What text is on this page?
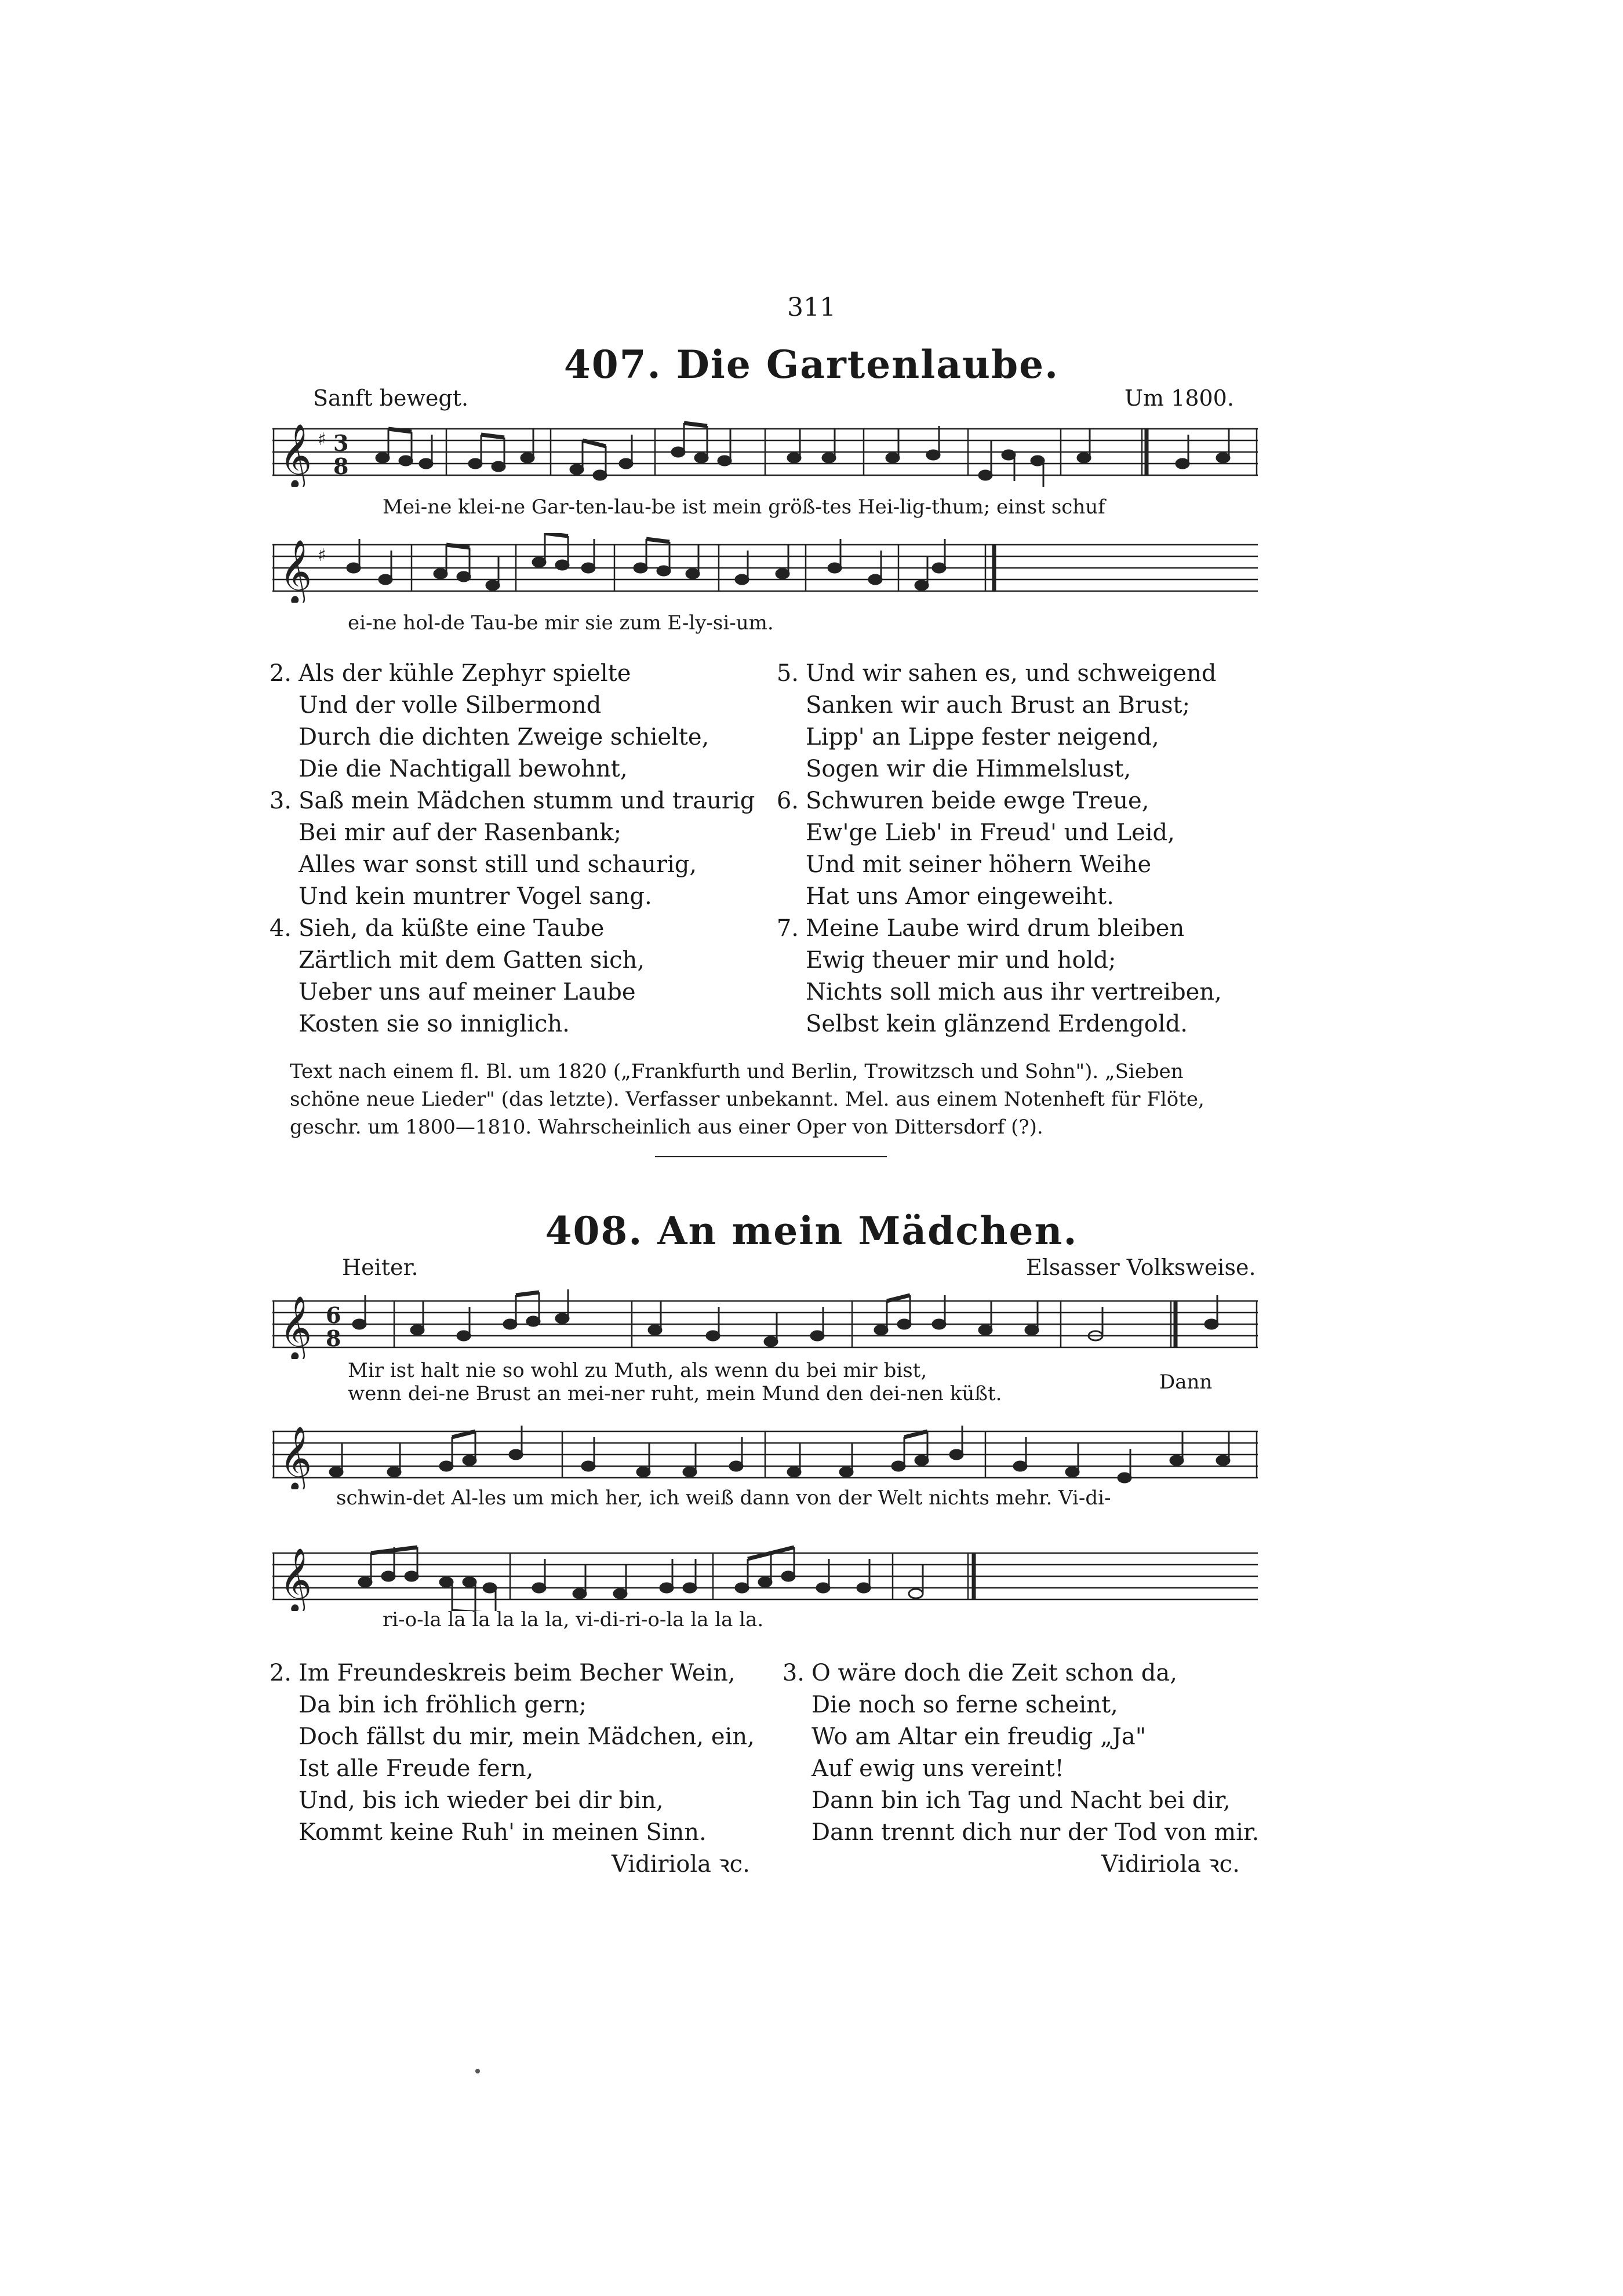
311
407. Die Gartenlaube.
Sanft bewegt.	Um 1800.
𝄞 ♯ 3
8
Mei-ne klei-ne Gar-ten-lau-be ist mein größ-tes Hei-lig-thum; einst schuf
𝄞 ♯
ei-ne hol-de Tau-be mir sie zum E-ly-si-um.
2. Als der kühle Zephyr spielte
Und der volle Silbermond
Durch die dichten Zweige schielte,
Die die Nachtigall bewohnt,
3. Saß mein Mädchen stumm und traurig
Bei mir auf der Rasenbank;
Alles war sonst still und schaurig,
Und kein muntrer Vogel sang.
4. Sieh, da küßte eine Taube
Zärtlich mit dem Gatten sich,
Ueber uns auf meiner Laube
Kosten sie so inniglich.
5. Und wir sahen es, und schweigend
Sanken wir auch Brust an Brust;
Lipp' an Lippe fester neigend,
Sogen wir die Himmelslust,
6. Schwuren beide ewge Treue,
Ew'ge Lieb' in Freud' und Leid,
Und mit seiner höhern Weihe
Hat uns Amor eingeweiht.
7. Meine Laube wird drum bleiben
Ewig theuer mir und hold;
Nichts soll mich aus ihr vertreiben,
Selbst kein glänzend Erdengold.
Text nach einem fl. Bl. um 1820 („Frankfurth und Berlin, Trowitzsch und Sohn"). „Sieben schöne neue Lieder" (das letzte). Verfasser unbekannt. Mel. aus einem Notenheft für Flöte, geschr. um 1800—1810. Wahrscheinlich aus einer Oper von Dittersdorf (?).
408. An mein Mädchen.
Heiter.	Elsasser Volksweise.
𝄞 6
8
Mir ist halt nie so wohl zu Muth, als wenn du bei mir bist,
wenn dei-ne Brust an mei-ner ruht, mein Mund den dei-nen küßt.	Dann
𝄞
schwin-det Al-les um mich her, ich weiß dann von der Welt nichts mehr. Vi-di-
𝄞
ri-o-la la la la la la, vi-di-ri-o-la la la la.
2. Im Freundeskreis beim Becher Wein,
Da bin ich fröhlich gern;
Doch fällst du mir, mein Mädchen, ein,
Ist alle Freude fern,
Und, bis ich wieder bei dir bin,
Kommt keine Ruh' in meinen Sinn.
Vidiriola ꝛc.
3. O wäre doch die Zeit schon da,
Die noch so ferne scheint,
Wo am Altar ein freudig „Ja"
Auf ewig uns vereint!
Dann bin ich Tag und Nacht bei dir,
Dann trennt dich nur der Tod von mir.
Vidiriola ꝛc.
